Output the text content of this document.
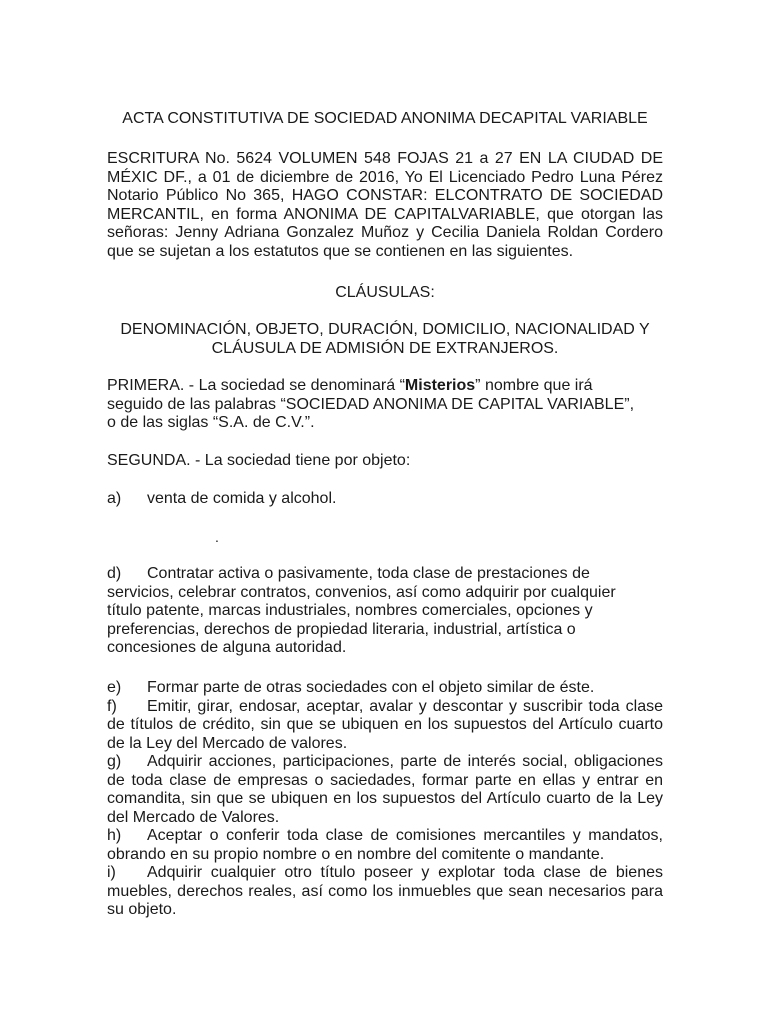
ACTA CONSTITUTIVA DE SOCIEDAD ANONIMA DECAPITAL VARIABLE
ESCRITURA No. 5624 VOLUMEN 548 FOJAS 21 a 27 EN LA CIUDAD DE MÉXIC DF., a 01 de diciembre de 2016, Yo El Licenciado Pedro Luna Pérez Notario Público No 365, HAGO CONSTAR: ELCONTRATO DE SOCIEDAD MERCANTIL, en forma ANONIMA DE CAPITALVARIABLE, que otorgan las señoras: Jenny Adriana Gonzalez Muñoz y Cecilia Daniela Roldan Cordero que se sujetan a los estatutos que se contienen en las siguientes.
CLÁUSULAS:
DENOMINACIÓN, OBJETO, DURACIÓN, DOMICILIO, NACIONALIDAD Y
CLÁUSULA DE ADMISIÓN DE EXTRANJEROS.
PRIMERA. - La sociedad se denominará “Misterios” nombre que irá seguido de las palabras “SOCIEDAD ANONIMA DE CAPITAL VARIABLE”, o de las siglas “S.A. de C.V.”.
SEGUNDA. - La sociedad tiene por objeto:
a) venta de comida y alcohol.
.
d) Contratar activa o pasivamente, toda clase de prestaciones de servicios, celebrar contratos, convenios, así como adquirir por cualquier título patente, marcas industriales, nombres comerciales, opciones y preferencias, derechos de propiedad literaria, industrial, artística o concesiones de alguna autoridad.
e) Formar parte de otras sociedades con el objeto similar de éste.
f) Emitir, girar, endosar, aceptar, avalar y descontar y suscribir toda clase de títulos de crédito, sin que se ubiquen en los supuestos del Artículo cuarto de la Ley del Mercado de valores.
g) Adquirir acciones, participaciones, parte de interés social, obligaciones de toda clase de empresas o saciedades, formar parte en ellas y entrar en comandita, sin que se ubiquen en los supuestos del Artículo cuarto de la Ley del Mercado de Valores.
h) Aceptar o conferir toda clase de comisiones mercantiles y mandatos, obrando en su propio nombre o en nombre del comitente o mandante.
i) Adquirir cualquier otro título poseer y explotar toda clase de bienes muebles, derechos reales, así como los inmuebles que sean necesarios para su objeto.
